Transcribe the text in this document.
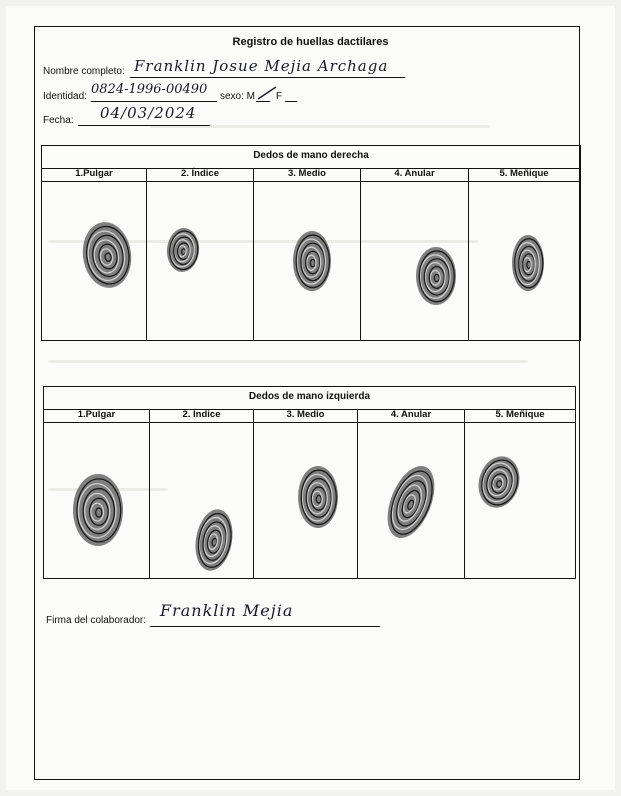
Registro de huellas dactilares
Nombre completo: Franklin Josue Mejia Archaga
Identidad: 0824-1996-00490 sexo: M F
Fecha: 04/03/2024
Dedos de mano derecha
1.Pulgar	2. Índice	3. Medio	4. Anular	5. Meñique
Dedos de mano izquierda
1.Pulgar	2. Índice	3. Medio	4. Anular	5. Meñique
Firma del colaborador:
Franklin Mejia
